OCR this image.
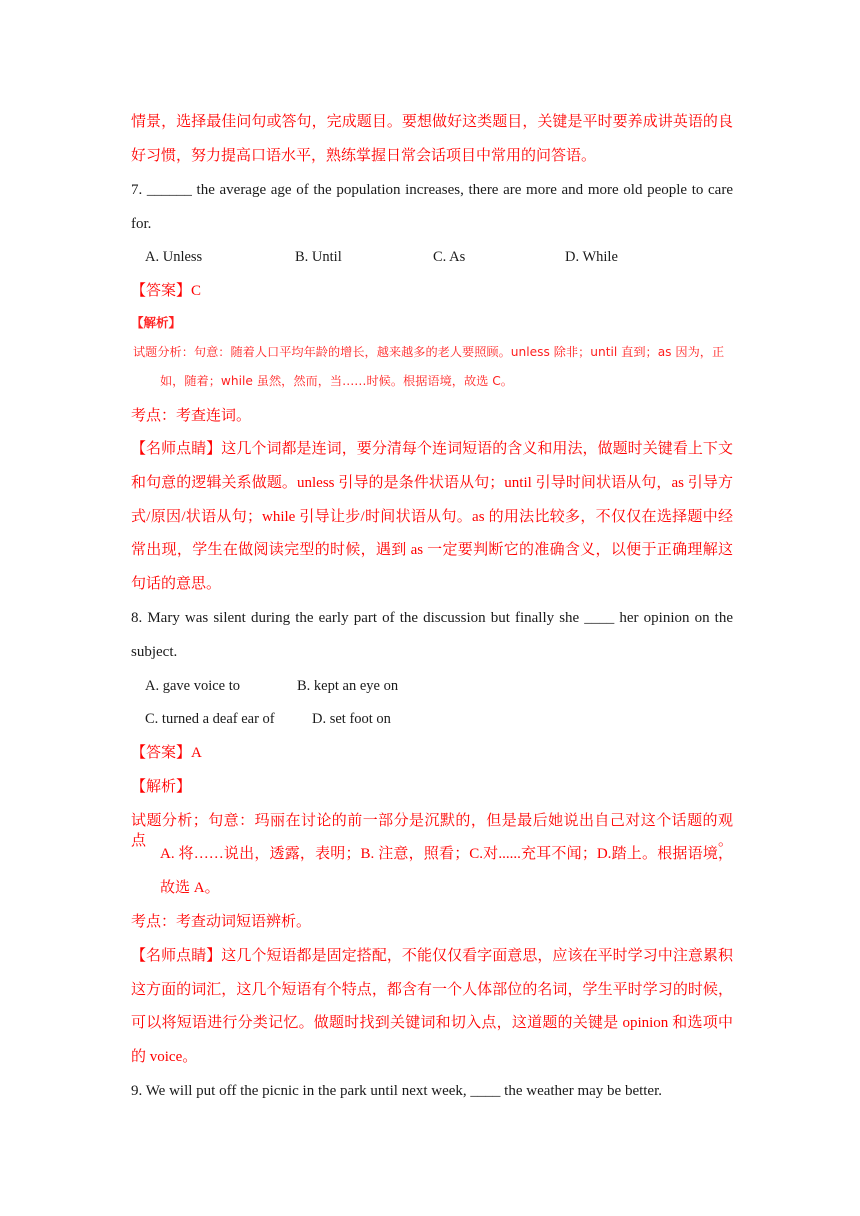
情景，选择最佳问句或答句，完成题目。要想做好这类题目，关键是平时要养成讲英语的良
好习惯，努力提高口语水平，熟练掌握日常会话项目中常用的问答语。
7. ______ the average age of the population increases, there are more and more old people to care
for.
A. Unless	B. Until	C. As	D. While
【答案】C
【解析】
试题分析：句意：随着人口平均年龄的增长，越来越多的老人要照顾。unless 除非；until 直到；as 因为，正
如，随着；while 虽然，然而，当……时候。根据语境，故选 C。
考点：考查连词。
【名师点睛】这几个词都是连词，要分清每个连词短语的含义和用法，做题时关键看上下文
和句意的逻辑关系做题。unless 引导的是条件状语从句；until 引导时间状语从句，as 引导方
式/原因/状语从句；while 引导让步/时间状语从句。as 的用法比较多，不仅仅在选择题中经
常出现，学生在做阅读完型的时候，遇到 as 一定要判断它的准确含义，以便于正确理解这
句话的意思。
8. Mary was silent during the early part of the discussion but finally she ____ her opinion on the
subject.
A. gave voice to	B. kept an eye on
C. turned a deaf ear of	D. set foot on
【答案】A
【解析】
试题分析；句意：玛丽在讨论的前一部分是沉默的，但是最后她说出自己对这个话题的观点。
A. 将……说出，透露，表明；B. 注意，照看；C.对......充耳不闻；D.踏上。根据语境，
故选 A。
考点：考查动词短语辨析。
【名师点睛】这几个短语都是固定搭配，不能仅仅看字面意思，应该在平时学习中注意累积
这方面的词汇，这几个短语有个特点，都含有一个人体部位的名词，学生平时学习的时候，
可以将短语进行分类记忆。做题时找到关键词和切入点，这道题的关键是 opinion 和选项中
的 voice。
9. We will put off the picnic in the park until next week, ____ the weather may be better.
